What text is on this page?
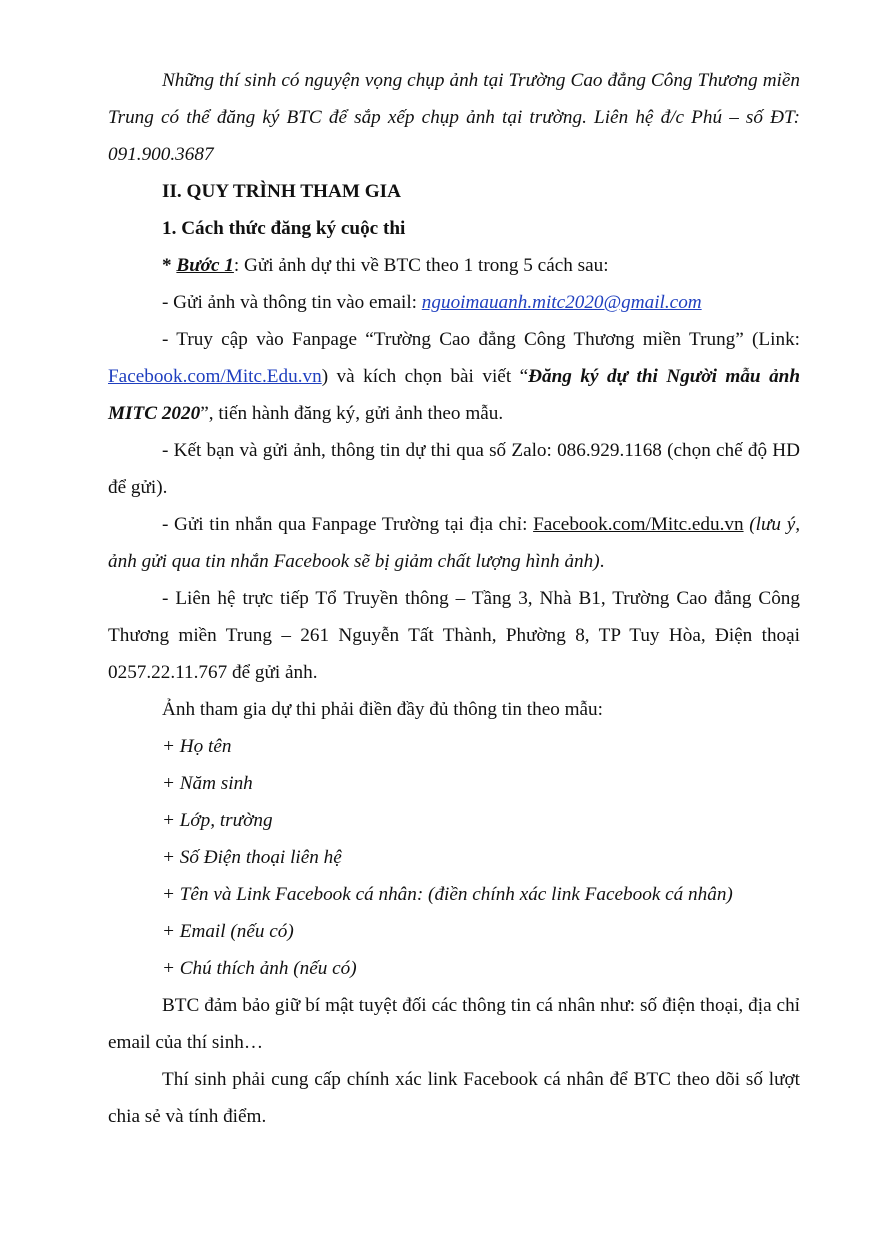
Những thí sinh có nguyện vọng chụp ảnh tại Trường Cao đẳng Công Thương miền Trung có thể đăng ký BTC để sắp xếp chụp ảnh tại trường. Liên hệ đ/c Phú – số ĐT: 091.900.3687

II. QUY TRÌNH THAM GIA

1. Cách thức đăng ký cuộc thi

* Bước 1: Gửi ảnh dự thi về BTC theo 1 trong 5 cách sau:

- Gửi ảnh và thông tin vào email: nguoimauanh.mitc2020@gmail.com

- Truy cập vào Fanpage “Trường Cao đẳng Công Thương miền Trung” (Link: Facebook.com/Mitc.Edu.vn) và kích chọn bài viết “Đăng ký dự thi Người mẫu ảnh MITC 2020”, tiến hành đăng ký, gửi ảnh theo mẫu.

- Kết bạn và gửi ảnh, thông tin dự thi qua số Zalo: 086.929.1168 (chọn chế độ HD để gửi).

- Gửi tin nhắn qua Fanpage Trường tại địa chỉ: Facebook.com/Mitc.edu.vn (lưu ý, ảnh gửi qua tin nhắn Facebook sẽ bị giảm chất lượng hình ảnh).

- Liên hệ trực tiếp Tổ Truyền thông – Tầng 3, Nhà B1, Trường Cao đẳng Công Thương miền Trung – 261 Nguyễn Tất Thành, Phường 8, TP Tuy Hòa, Điện thoại 0257.22.11.767 để gửi ảnh.

Ảnh tham gia dự thi phải điền đầy đủ thông tin theo mẫu:

+ Họ tên

+ Năm sinh

+ Lớp, trường

+ Số Điện thoại liên hệ

+ Tên và Link Facebook cá nhân: (điền chính xác link Facebook cá nhân)

+ Email (nếu có)

+ Chú thích ảnh (nếu có)

BTC đảm bảo giữ bí mật tuyệt đối các thông tin cá nhân như: số điện thoại, địa chỉ email của thí sinh…

Thí sinh phải cung cấp chính xác link Facebook cá nhân để BTC theo dõi số lượt chia sẻ và tính điểm.
